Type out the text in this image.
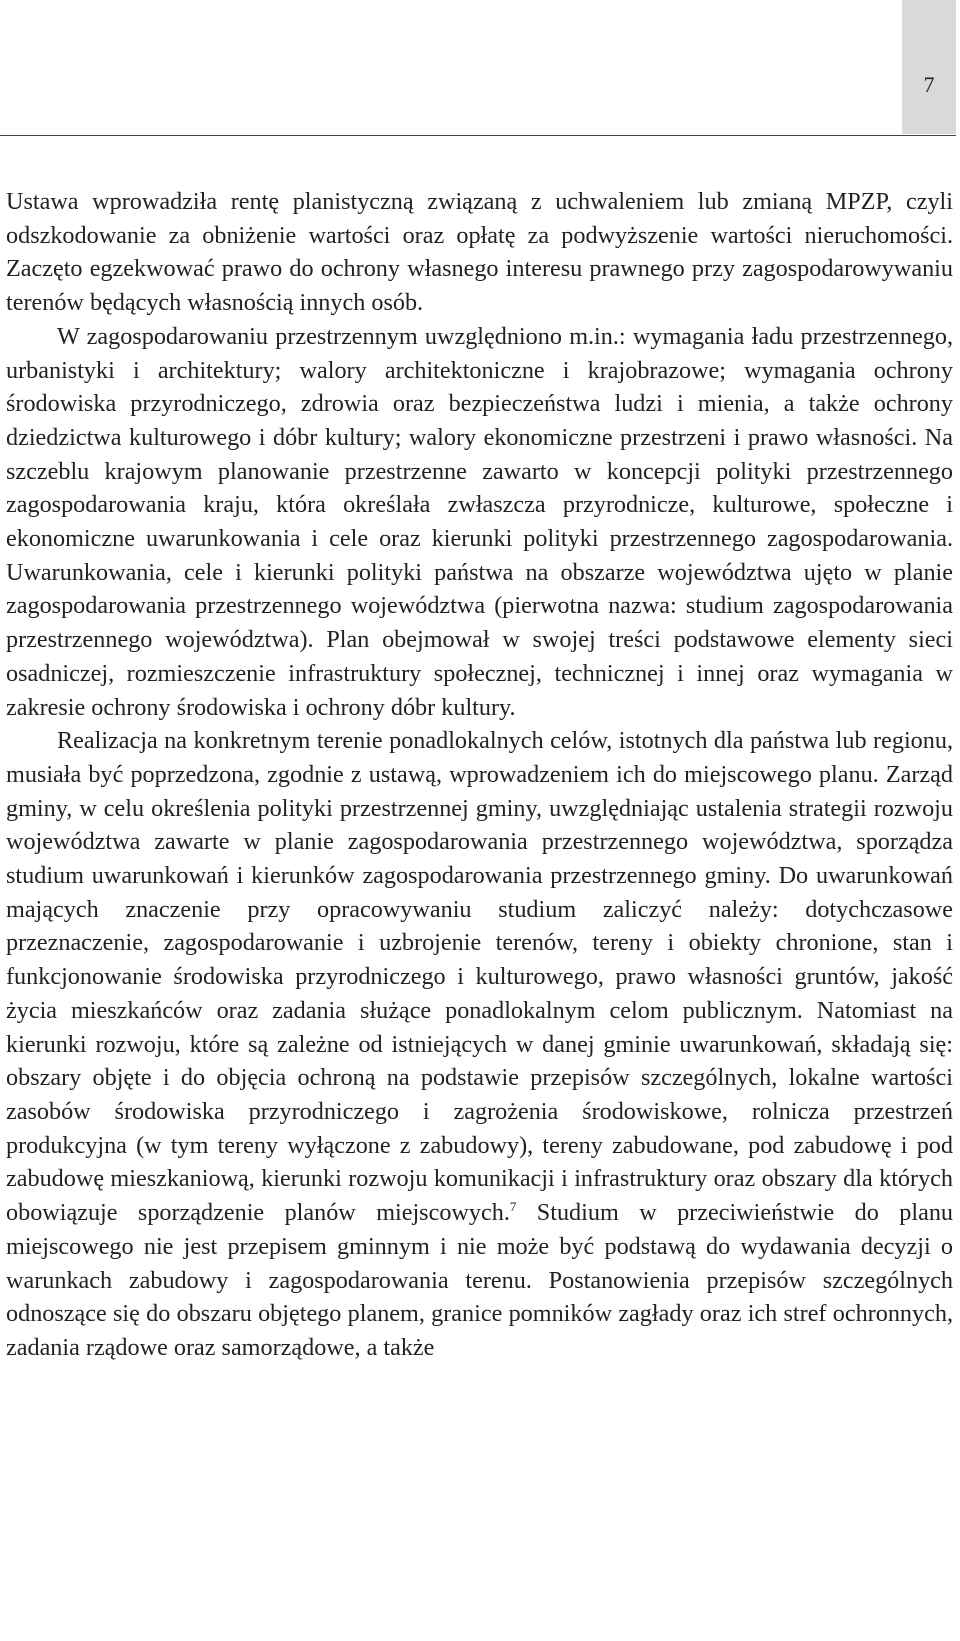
7

Ustawa wprowadziła rentę planistyczną związaną z uchwaleniem lub zmianą MPZP, czyli odszkodowanie za obniżenie wartości oraz opłatę za podwyższenie wartości nieruchomości. Zaczęto egzekwować prawo do ochrony własnego interesu prawnego przy zagospodarowywaniu terenów będących własnością innych osób.

W zagospodarowaniu przestrzennym uwzględniono m.in.: wymagania ładu przestrzennego, urbanistyki i architektury; walory architektoniczne i krajobrazowe; wymagania ochrony środowiska przyrodniczego, zdrowia oraz bezpieczeństwa ludzi i mienia, a także ochrony dziedzictwa kulturowego i dóbr kultury; walory ekonomiczne przestrzeni i prawo własności. Na szczeblu krajowym planowanie przestrzenne zawarto w koncepcji polityki przestrzennego zagospodarowania kraju, która określała zwłaszcza przyrodnicze, kulturowe, społeczne i ekonomiczne uwarunkowania i cele oraz kierunki polityki przestrzennego zagospodarowania. Uwarunkowania, cele i kierunki polityki państwa na obszarze województwa ujęto w planie zagospodarowania przestrzennego województwa (pierwotna nazwa: studium zagospodarowania przestrzennego województwa). Plan obejmował w swojej treści podstawowe elementy sieci osadniczej, rozmieszczenie infrastruktury społecznej, technicznej i innej oraz wymagania w zakresie ochrony środowiska i ochrony dóbr kultury.

Realizacja na konkretnym terenie ponadlokalnych celów, istotnych dla państwa lub regionu, musiała być poprzedzona, zgodnie z ustawą, wprowadzeniem ich do miejscowego planu. Zarząd gminy, w celu określenia polityki przestrzennej gminy, uwzględniając ustalenia strategii rozwoju województwa zawarte w planie zagospodarowania przestrzennego województwa, sporządza studium uwarunkowań i kierunków zagospodarowania przestrzennego gminy. Do uwarunkowań mających znaczenie przy opracowywaniu studium zaliczyć należy: dotychczasowe przeznaczenie, zagospodarowanie i uzbrojenie terenów, tereny i obiekty chronione, stan i funkcjonowanie środowiska przyrodniczego i kulturowego, prawo własności gruntów, jakość życia mieszkańców oraz zadania służące ponadlokalnym celom publicznym. Natomiast na kierunki rozwoju, które są zależne od istniejących w danej gminie uwarunkowań, składają się: obszary objęte i do objęcia ochroną na podstawie przepisów szczególnych, lokalne wartości zasobów środowiska przyrodniczego i zagrożenia środowiskowe, rolnicza przestrzeń produkcyjna (w tym tereny wyłączone z zabudowy), tereny zabudowane, pod zabudowę i pod zabudowę mieszkaniową, kierunki rozwoju komunikacji i infrastruktury oraz obszary dla których obowiązuje sporządzenie planów miejscowych.$^7$ Studium w przeciwieństwie do planu miejscowego nie jest przepisem gminnym i nie może być podstawą do wydawania decyzji o warunkach zabudowy i zagospodarowania terenu. Postanowienia przepisów szczególnych odnoszące się do obszaru objętego planem, granice pomników zagłady oraz ich stref ochronnych, zadania rządowe oraz samorządowe, a także
